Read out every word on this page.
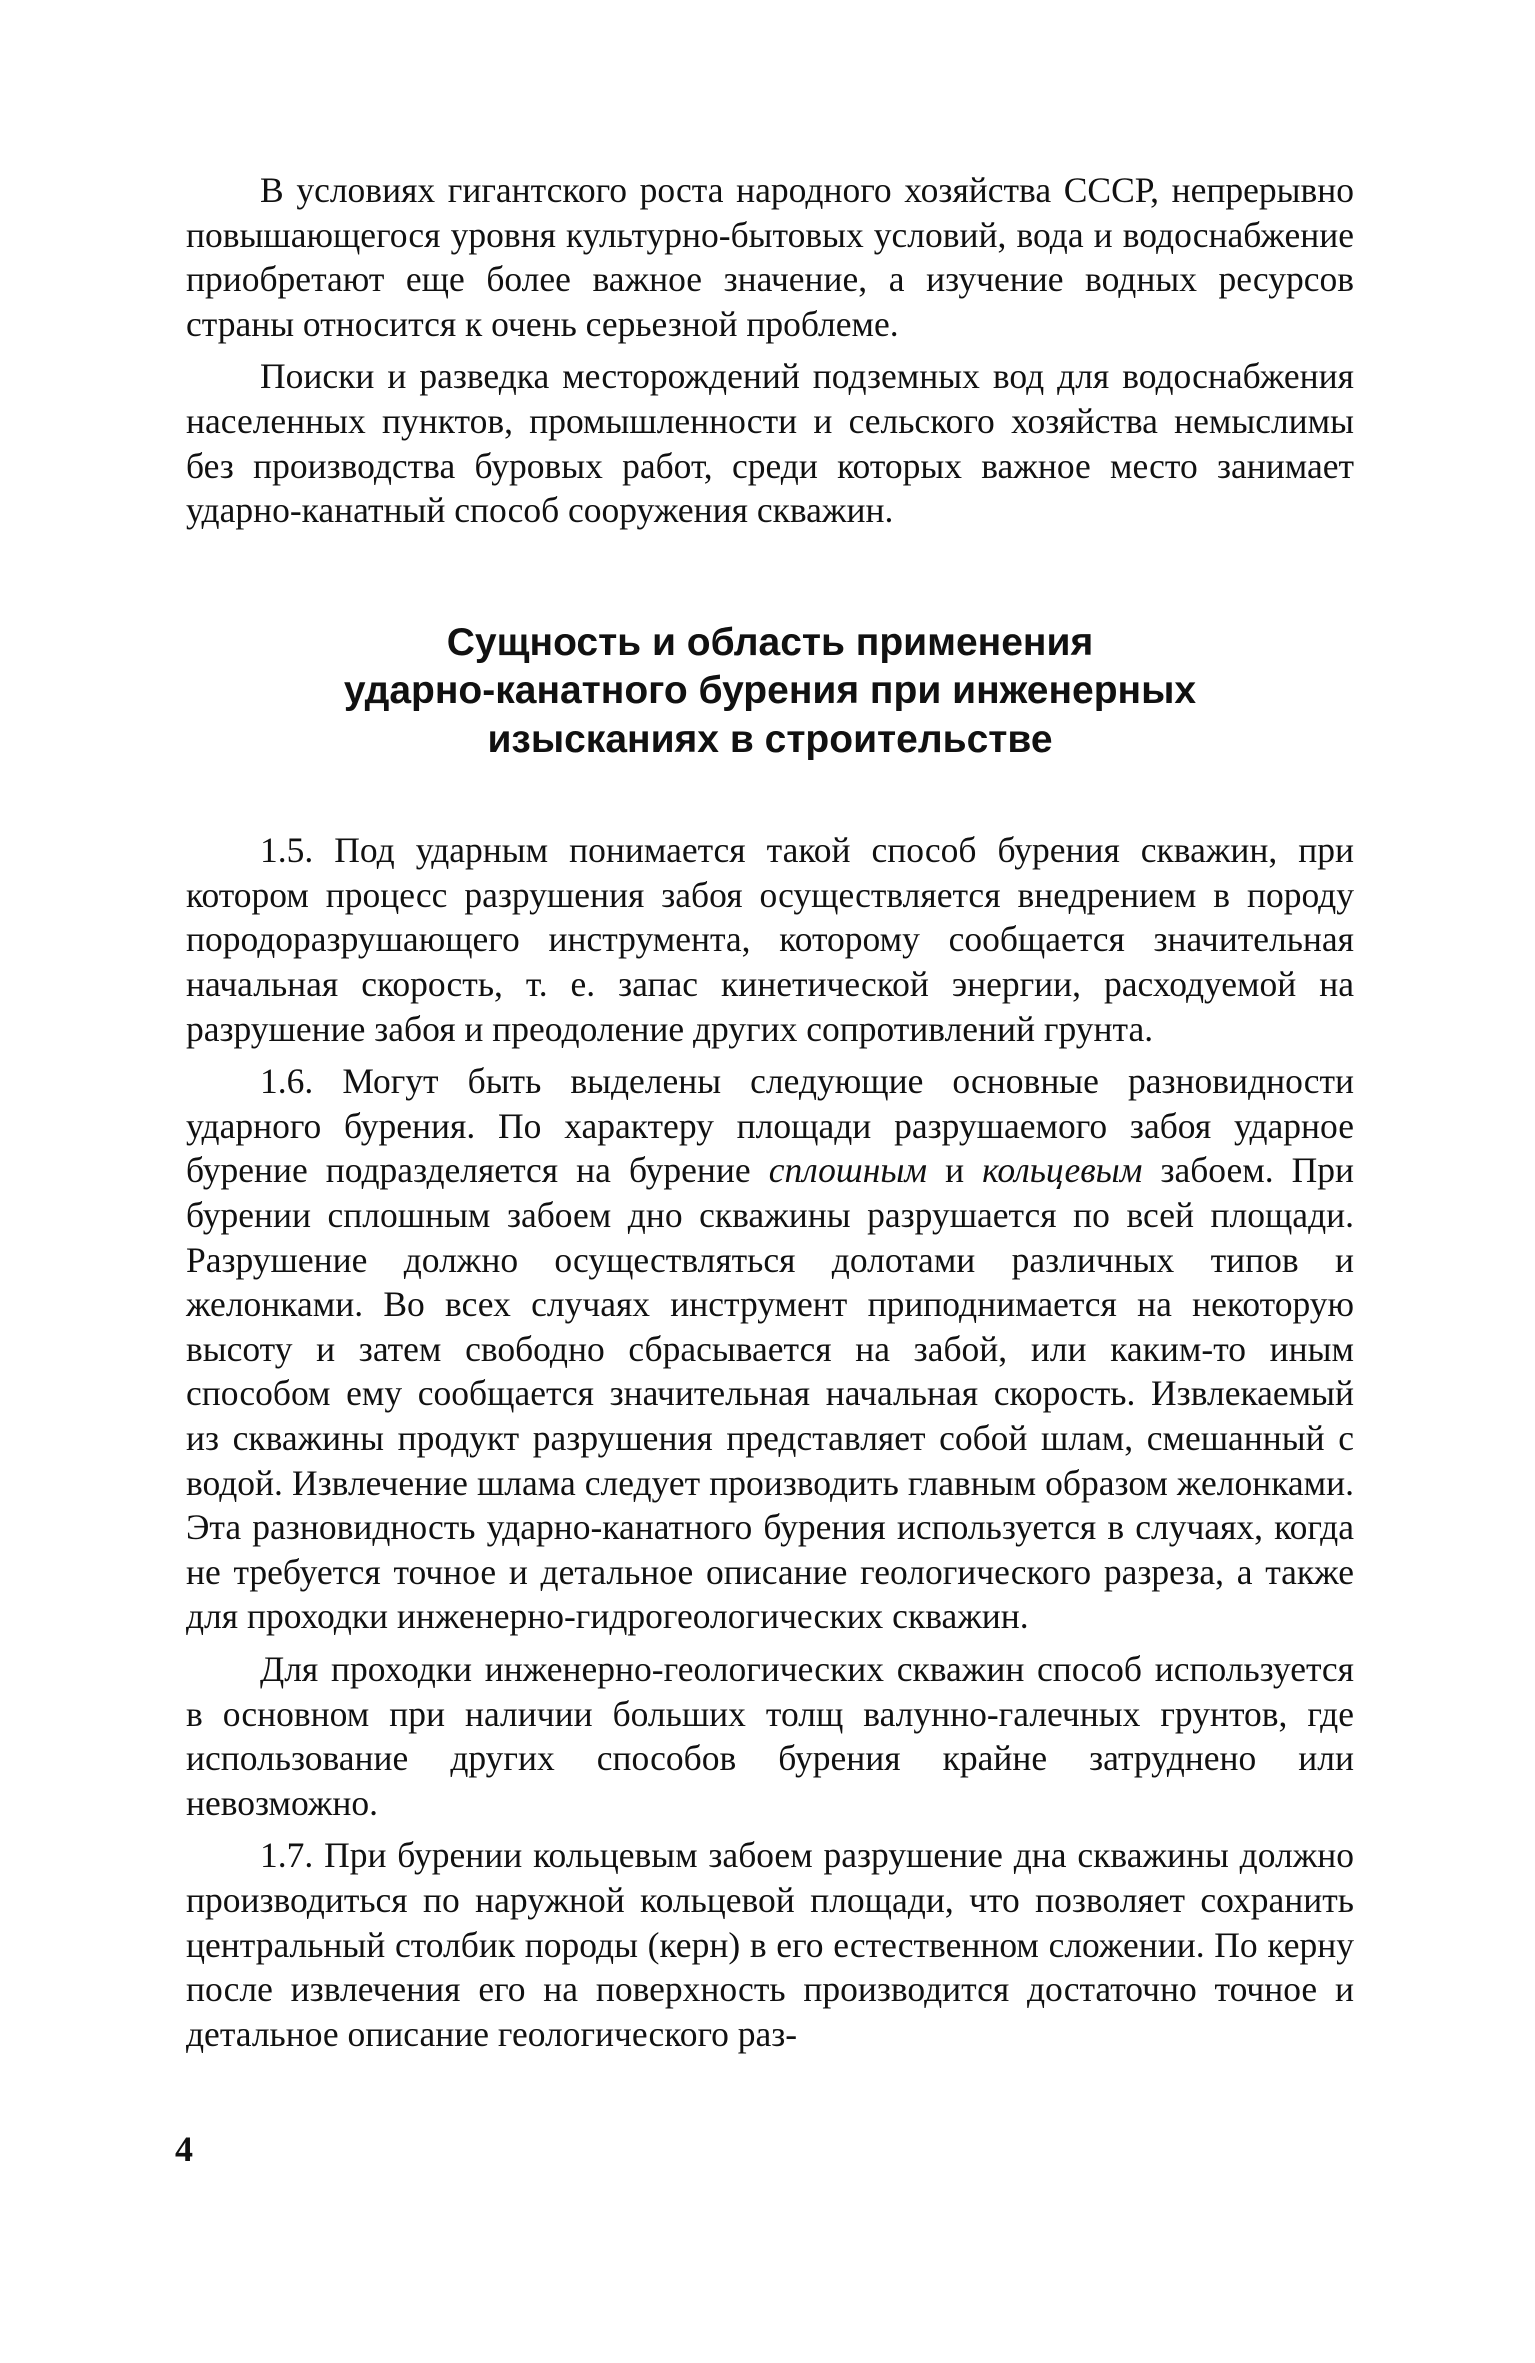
В условиях гигантского роста народного хозяйства СССР, непрерывно повышающегося уровня культурно-бытовых условий, вода и водоснабжение приобретают еще более важное значение, а изучение водных ресурсов страны относится к очень серьезной проблеме.

Поиски и разведка месторождений подземных вод для водоснабжения населенных пунктов, промышленности и сельского хозяйства немыслимы без производства буровых работ, среди которых важное место занимает ударно-канатный способ сооружения скважин.

Сущность и область применения
ударно-канатного бурения при инженерных
изысканиях в строительстве

1.5. Под ударным понимается такой способ бурения скважин, при котором процесс разрушения забоя осуществляется внедрением в породу породоразрушающего инструмента, которому сообщается значительная начальная скорость, т. е. запас кинетической энергии, расходуемой на разрушение забоя и преодоление других сопротивлений грунта.

1.6. Могут быть выделены следующие основные разновидности ударного бурения. По характеру площади разрушаемого забоя ударное бурение подразделяется на бурение сплошным и кольцевым забоем. При бурении сплошным забоем дно скважины разрушается по всей площади. Разрушение должно осуществляться долотами различных типов и желонками. Во всех случаях инструмент приподнимается на некоторую высоту и затем свободно сбрасывается на забой, или каким-то иным способом ему сообщается значительная начальная скорость. Извлекаемый из скважины продукт разрушения представляет собой шлам, смешанный с водой. Извлечение шлама следует производить главным образом желонками. Эта разновидность ударно-канатного бурения используется в случаях, когда не требуется точное и детальное описание геологического разреза, а также для проходки инженерно-гидрогеологических скважин.

Для проходки инженерно-геологических скважин способ используется в основном при наличии больших толщ валунно-галечных грунтов, где использование других способов бурения крайне затруднено или невозможно.

1.7. При бурении кольцевым забоем разрушение дна скважины должно производиться по наружной кольцевой площади, что позволяет сохранить центральный столбик породы (керн) в его естественном сложении. По керну после извлечения его на поверхность производится достаточно точное и детальное описание геологического раз-

4
